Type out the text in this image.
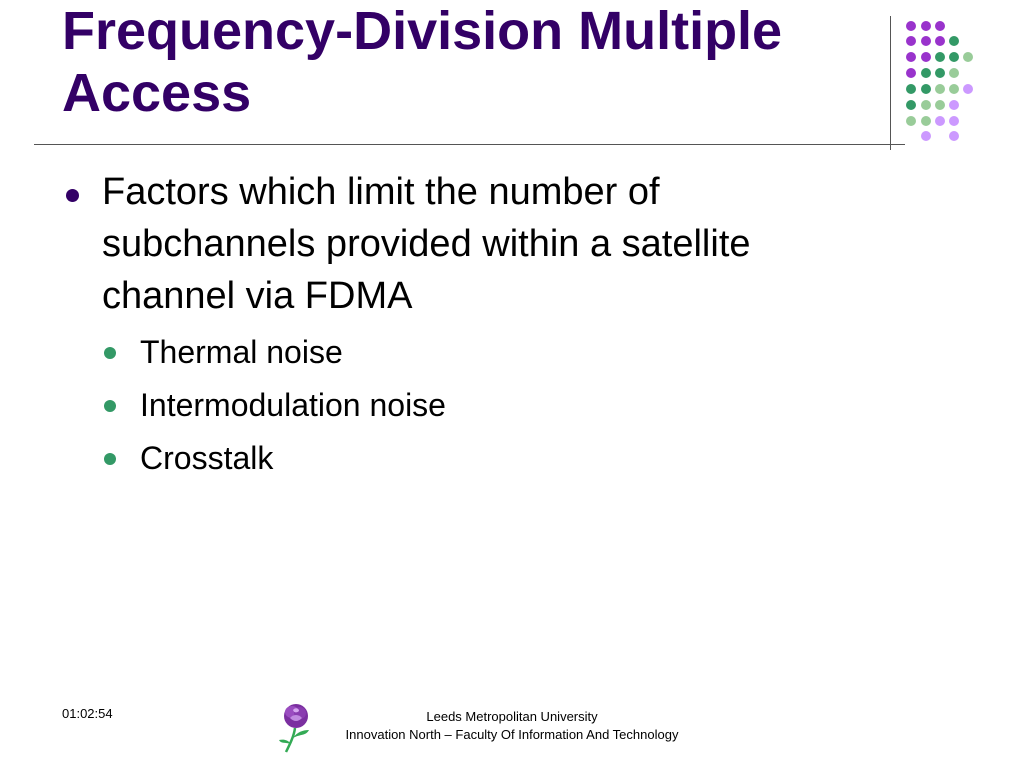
Frequency-Division Multiple
Access
Factors which limit the number of subchannels provided within a satellite channel via FDMA
Thermal noise
Intermodulation noise
Crosstalk
01:02:54	Leeds Metropolitan University
Innovation North – Faculty Of Information And Technology
